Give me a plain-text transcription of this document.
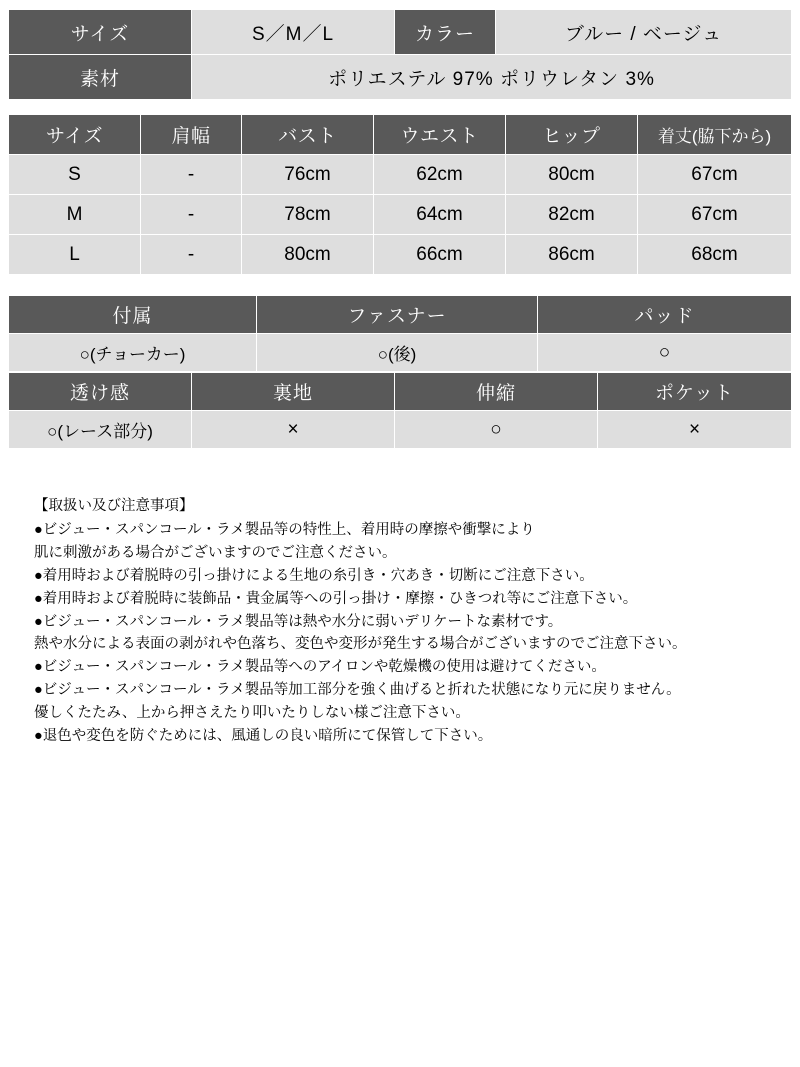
サイズ	S／M／L	カラー	ブルー / ベージュ
素材	ポリエステル 97% ポリウレタン 3%		
サイズ	肩幅	バスト	ウエスト	ヒップ	着丈(脇下から)
S	-	76cm	62cm	80cm	67cm
M	-	78cm	64cm	82cm	67cm
L	-	80cm	66cm	86cm	68cm
付属	ファスナー	パッド
○(チョーカー)	○(後)	○
透け感	裏地	伸縮	ポケット
○(レース部分)	×	○	×
【取扱い及び注意事項】
●ビジュー・スパンコール・ラメ製品等の特性上、着用時の摩擦や衝撃により
肌に刺激がある場合がございますのでご注意ください。
●着用時および着脱時の引っ掛けによる生地の糸引き・穴あき・切断にご注意下さい。
●着用時および着脱時に装飾品・貴金属等への引っ掛け・摩擦・ひきつれ等にご注意下さい。
●ビジュー・スパンコール・ラメ製品等は熱や水分に弱いデリケートな素材です。
熱や水分による表面の剥がれや色落ち、変色や変形が発生する場合がございますのでご注意下さい。
●ビジュー・スパンコール・ラメ製品等へのアイロンや乾燥機の使用は避けてください。
●ビジュー・スパンコール・ラメ製品等加工部分を強く曲げると折れた状態になり元に戻りません。
優しくたたみ、上から押さえたり叩いたりしない様ご注意下さい。
●退色や変色を防ぐためには、風通しの良い暗所にて保管して下さい。
